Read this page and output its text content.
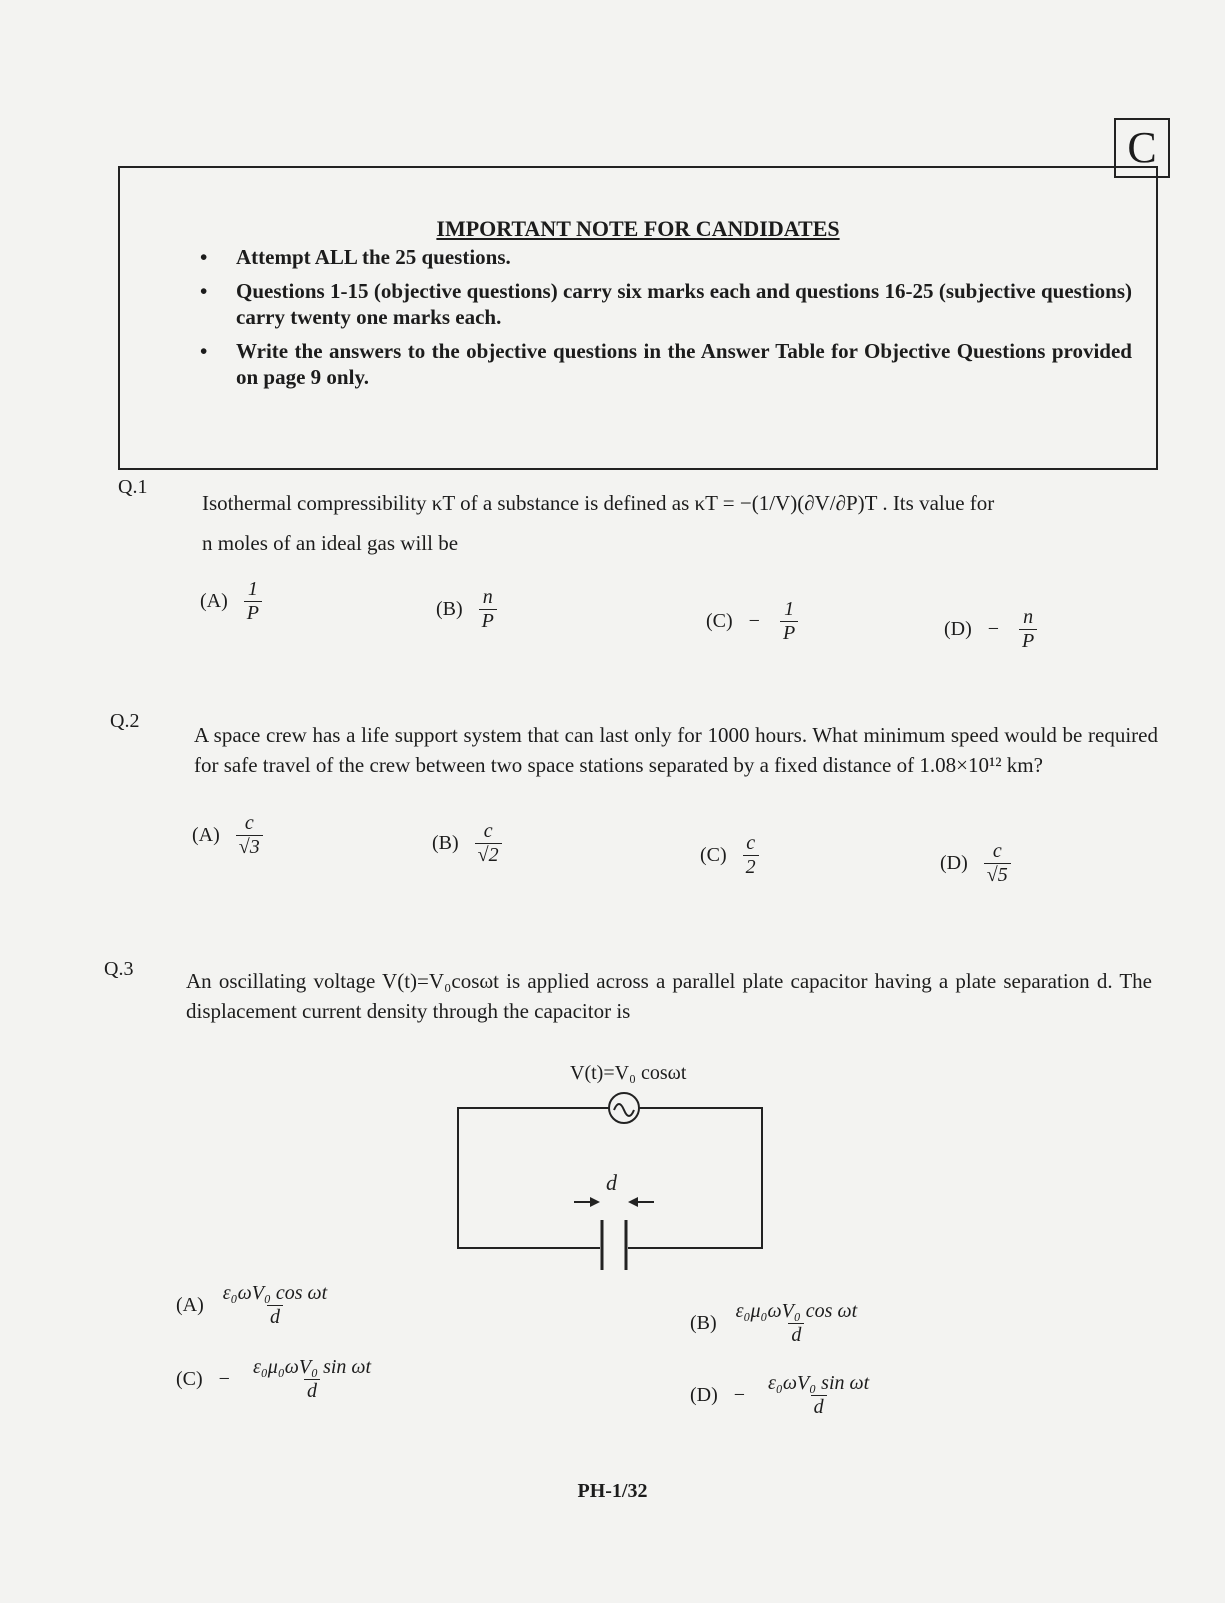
C
IMPORTANT NOTE FOR CANDIDATES
• Attempt ALL the 25 questions.
• Questions 1-15 (objective questions) carry six marks each and questions 16-25 (subjective questions) carry twenty one marks each.
• Write the answers to the objective questions in the Answer Table for Objective Questions provided on page 9 only.
Q.1
Isothermal compressibility κT of a substance is defined as κT = −(1/V)(∂V/∂P)T . Its value for
n moles of an ideal gas will be
$(A) \frac{1}{P}$	$(B) \frac{n}{P}$	$(C) - \frac{1}{P}$	$(D) - \frac{n}{P}$
Q.2
A space crew has a life support system that can last only for 1000 hours. What minimum speed would be required for safe travel of the crew between two space stations separated by a fixed distance of 1.08×10¹² km?
$(A) \frac{c}{√3}$	$(B) \frac{c}{√2}$	$(C) \frac{c}{2}$	$(D) \frac{c}{√5}$
Q.3	An oscillating voltage V(t)=V₀cosωt is applied across a parallel plate capacitor having a plate separation d. The displacement current density through the capacitor is
V(t)=V₀ cosωt
d
$(A) \frac{\text{ε₀ωV₀ cos ωt}}{d}$	$(B) \frac{\text{ε₀μ₀ωV₀ cos ωt}}{d}$
$(C) - \frac{\text{ε₀μ₀ωV₀ sin ωt}}{d}$	$(D) - \frac{\text{ε₀ωV₀ sin ωt}}{d}$
PH-1/32
